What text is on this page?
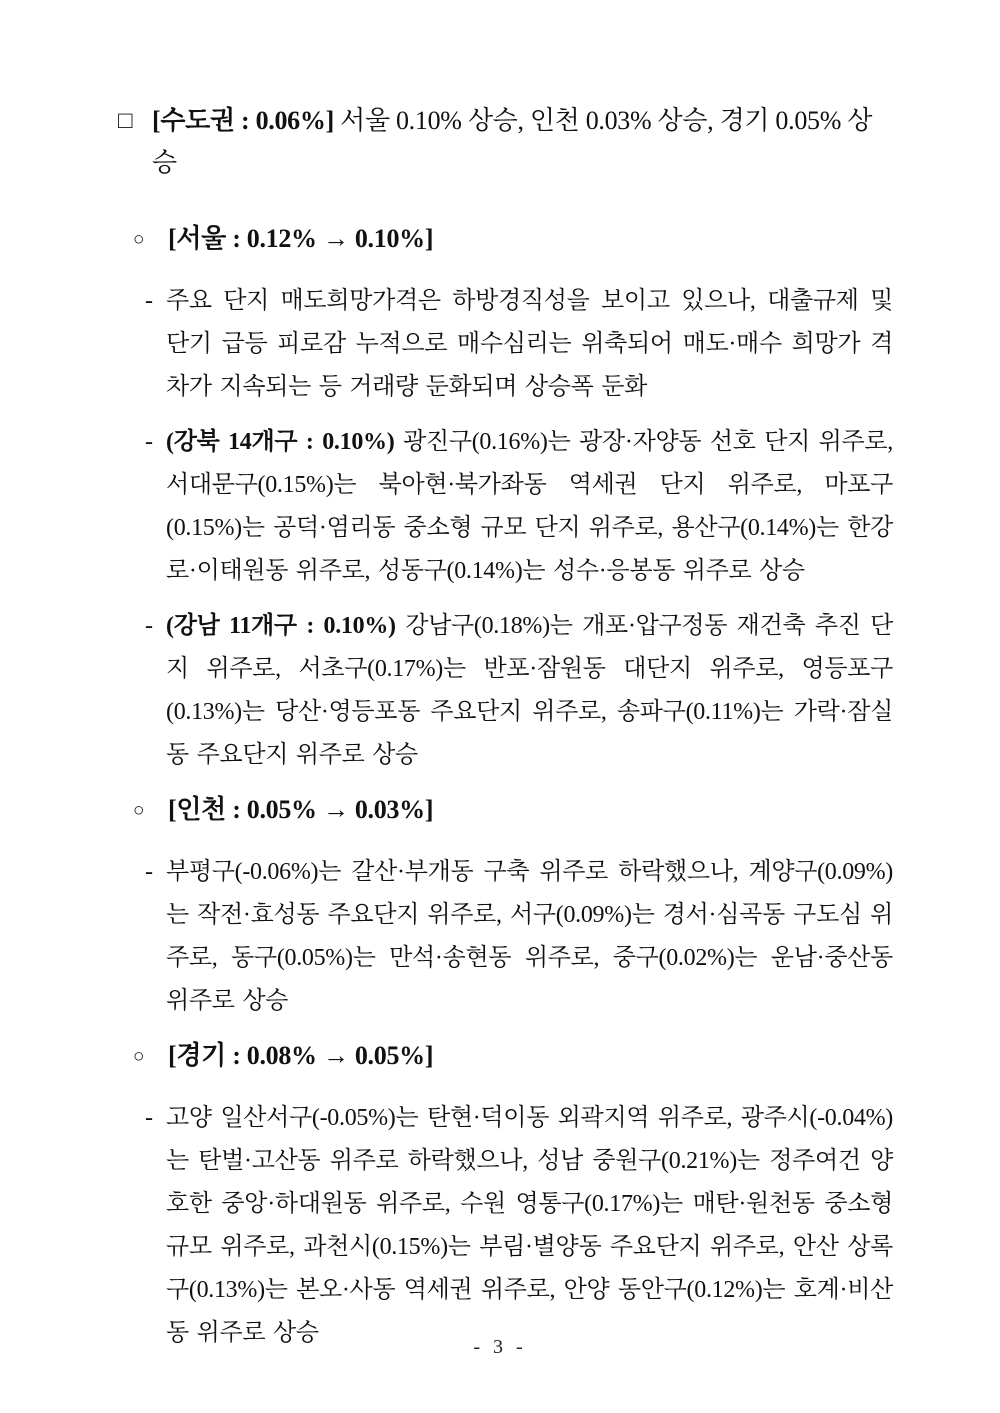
□ [수도권 : 0.06%] 서울 0.10% 상승, 인천 0.03% 상승, 경기 0.05% 상승
○ [서울 : 0.12% → 0.10%]
- 주요 단지 매도희망가격은 하방경직성을 보이고 있으나, 대출규제 및 단기 급등 피로감 누적으로 매수심리는 위축되어 매도·매수 희망가 격차가 지속되는 등 거래량 둔화되며 상승폭 둔화
- (강북 14개구 : 0.10%) 광진구(0.16%)는 광장·자양동 선호 단지 위주로, 서대문구(0.15%)는 북아현·북가좌동 역세권 단지 위주로, 마포구(0.15%)는 공덕·염리동 중소형 규모 단지 위주로, 용산구(0.14%)는 한강로·이태원동 위주로, 성동구(0.14%)는 성수·응봉동 위주로 상승
- (강남 11개구 : 0.10%) 강남구(0.18%)는 개포·압구정동 재건축 추진 단지 위주로, 서초구(0.17%)는 반포·잠원동 대단지 위주로, 영등포구(0.13%)는 당산·영등포동 주요단지 위주로, 송파구(0.11%)는 가락·잠실동 주요단지 위주로 상승
○ [인천 : 0.05% → 0.03%]
- 부평구(-0.06%)는 갈산·부개동 구축 위주로 하락했으나, 계양구(0.09%)는 작전·효성동 주요단지 위주로, 서구(0.09%)는 경서·심곡동 구도심 위주로, 동구(0.05%)는 만석·송현동 위주로, 중구(0.02%)는 운남·중산동 위주로 상승
○ [경기 : 0.08% → 0.05%]
- 고양 일산서구(-0.05%)는 탄현·덕이동 외곽지역 위주로, 광주시(-0.04%)는 탄벌·고산동 위주로 하락했으나, 성남 중원구(0.21%)는 정주여건 양호한 중앙·하대원동 위주로, 수원 영통구(0.17%)는 매탄·원천동 중소형 규모 위주로, 과천시(0.15%)는 부림·별양동 주요단지 위주로, 안산 상록구(0.13%)는 본오·사동 역세권 위주로, 안양 동안구(0.12%)는 호계·비산동 위주로 상승
- 3 -
